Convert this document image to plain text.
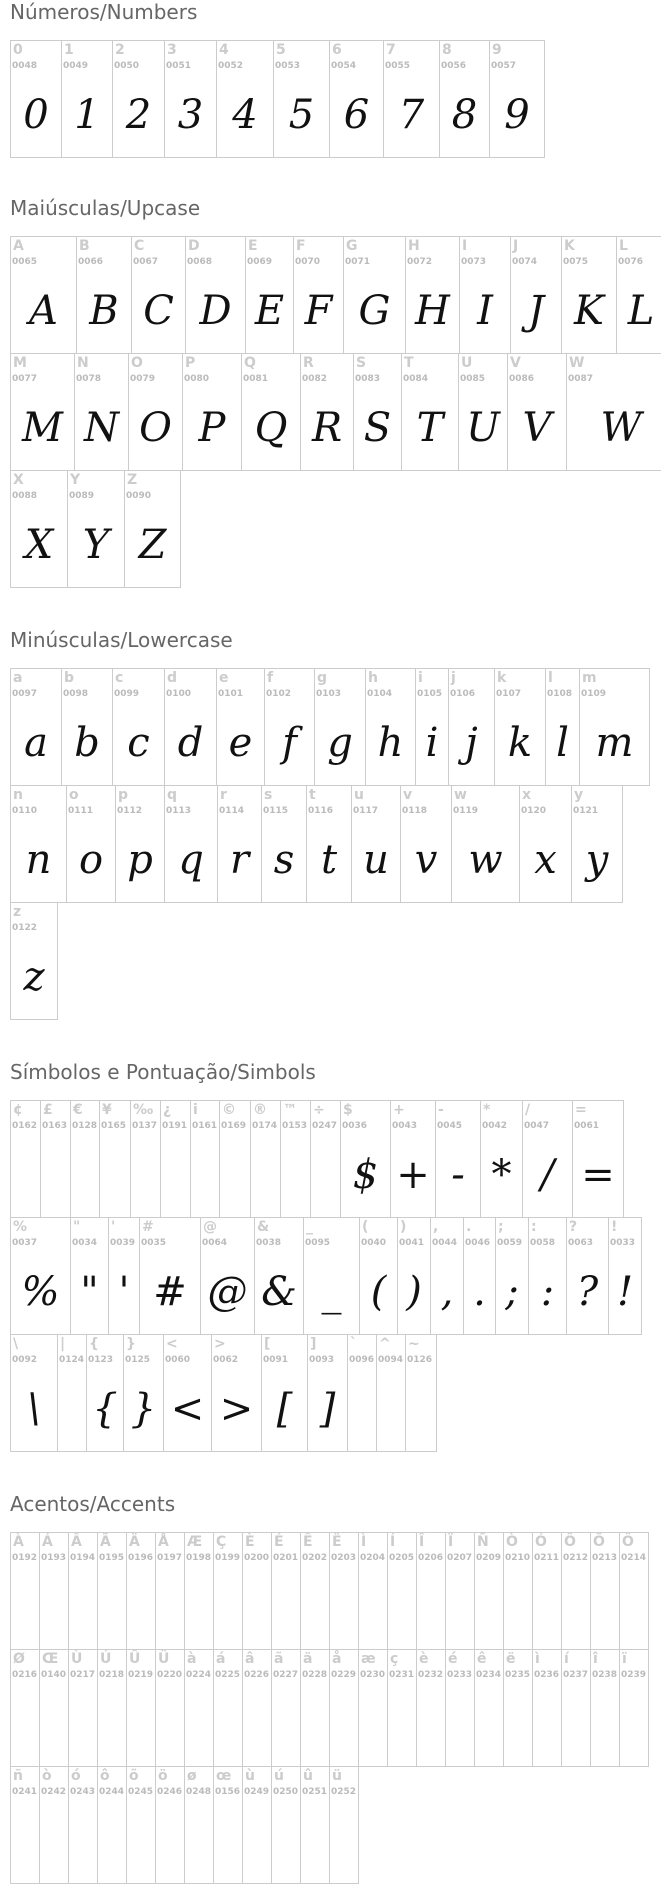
Números/Numbers
0
0048
0
1
0049
1
2
0050
2
3
0051
3
4
0052
4
5
0053
5
6
0054
6
7
0055
7
8
0056
8
9
0057
9
Maiúsculas/Upcase
A
0065
A
B
0066
B
C
0067
C
D
0068
D
E
0069
E
F
0070
F
G
0071
G
H
0072
H
I
0073
I
J
0074
J
K
0075
K
L
0076
L
M
0077
M
N
0078
N
O
0079
O
P
0080
P
Q
0081
Q
R
0082
R
S
0083
S
T
0084
T
U
0085
U
V
0086
V
W
0087
W
X
0088
X
Y
0089
Y
Z
0090
Z
Minúsculas/Lowercase
a
0097
a
b
0098
b
c
0099
c
d
0100
d
e
0101
e
f
0102
f
g
0103
g
h
0104
h
i
0105
i
j
0106
j
k
0107
k
l
0108
l
m
0109
m
n
0110
n
o
0111
o
p
0112
p
q
0113
q
r
0114
r
s
0115
s
t
0116
t
u
0117
u
v
0118
v
w
0119
w
x
0120
x
y
0121
y
z
0122
z
Símbolos e Pontuação/Simbols
¢
0162
£
0163
€
0128
¥
0165
‰
0137
¿
0191
i
0161
©
0169
®
0174
™
0153
÷
0247
$
0036
$
+
0043
+
-
0045
-
*
0042
*
/
0047
/
=
0061
=
%
0037
%
"
0034
"
'
0039
'
#
0035
#
@
0064
@
&
0038
&
_
0095
_
(
0040
(
)
0041
)
,
0044
,
.
0046
.
;
0059
;
:
0058
:
?
0063
?
!
0033
!
\
0092
\
|
0124
{
0123
{
}
0125
}
<
0060
<
>
0062
>
[
0091
[
]
0093
]
`
0096
^
0094
~
0126
Acentos/Accents
À
0192
Á
0193
Â
0194
Ã
0195
Ä
0196
Å
0197
Æ
0198
Ç
0199
È
0200
É
0201
Ê
0202
Ë
0203
Ì
0204
Í
0205
Î
0206
Ï
0207
Ñ
0209
Ò
0210
Ó
0211
Ô
0212
Õ
0213
Ö
0214
Ø
0216
Œ
0140
Ù
0217
Ú
0218
Û
0219
Ü
0220
à
0224
á
0225
â
0226
ã
0227
ä
0228
å
0229
æ
0230
ç
0231
è
0232
é
0233
ê
0234
ë
0235
ì
0236
í
0237
î
0238
ï
0239
ñ
0241
ò
0242
ó
0243
ô
0244
õ
0245
ö
0246
ø
0248
œ
0156
ù
0249
ú
0250
û
0251
ü
0252
